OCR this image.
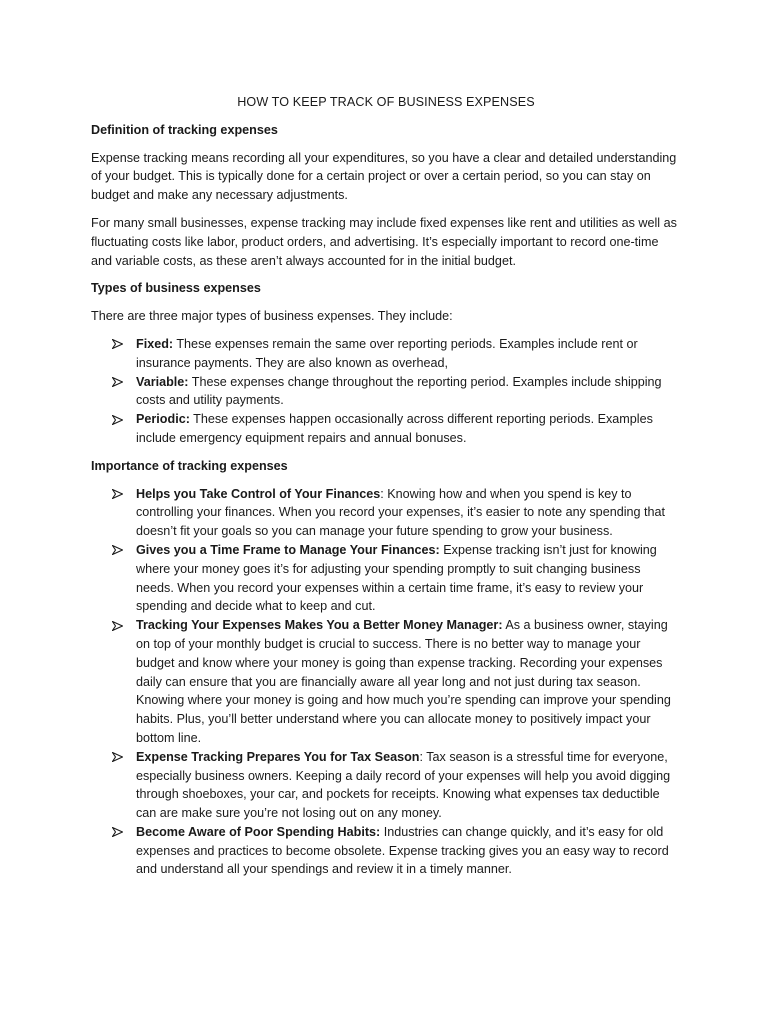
HOW TO KEEP TRACK OF BUSINESS EXPENSES
Definition of tracking expenses

Expense tracking means recording all your expenditures, so you have a clear and detailed understanding of your budget. This is typically done for a certain project or over a certain period, so you can stay on budget and make any necessary adjustments.

For many small businesses, expense tracking may include fixed expenses like rent and utilities as well as fluctuating costs like labor, product orders, and advertising. It’s especially important to record one-time and variable costs, as these aren’t always accounted for in the initial budget.

Types of business expenses

There are three major types of business expenses. They include:

Fixed: These expenses remain the same over reporting periods. Examples include rent or insurance payments. They are also known as overhead,
Variable: These expenses change throughout the reporting period. Examples include shipping costs and utility payments.
Periodic: These expenses happen occasionally across different reporting periods. Examples include emergency equipment repairs and annual bonuses.
Importance of tracking expenses
Helps you Take Control of Your Finances: Knowing how and when you spend is key to controlling your finances. When you record your expenses, it’s easier to note any spending that doesn’t fit your goals so you can manage your future spending to grow your business.
Gives you a Time Frame to Manage Your Finances: Expense tracking isn’t just for knowing where your money goes it’s for adjusting your spending promptly to suit changing business needs. When you record your expenses within a certain time frame, it’s easy to review your spending and decide what to keep and cut.
Tracking Your Expenses Makes You a Better Money Manager: As a business owner, staying on top of your monthly budget is crucial to success. There is no better way to manage your budget and know where your money is going than expense tracking. Recording your expenses daily can ensure that you are financially aware all year long and not just during tax season. Knowing where your money is going and how much you’re spending can improve your spending habits. Plus, you’ll better understand where you can allocate money to positively impact your bottom line.
Expense Tracking Prepares You for Tax Season: Tax season is a stressful time for everyone, especially business owners. Keeping a daily record of your expenses will help you avoid digging through shoeboxes, your car, and pockets for receipts. Knowing what expenses tax deductible can are make sure you’re not losing out on any money.
Become Aware of Poor Spending Habits: Industries can change quickly, and it’s easy for old expenses and practices to become obsolete. Expense tracking gives you an easy way to record and understand all your spendings and review it in a timely manner.
